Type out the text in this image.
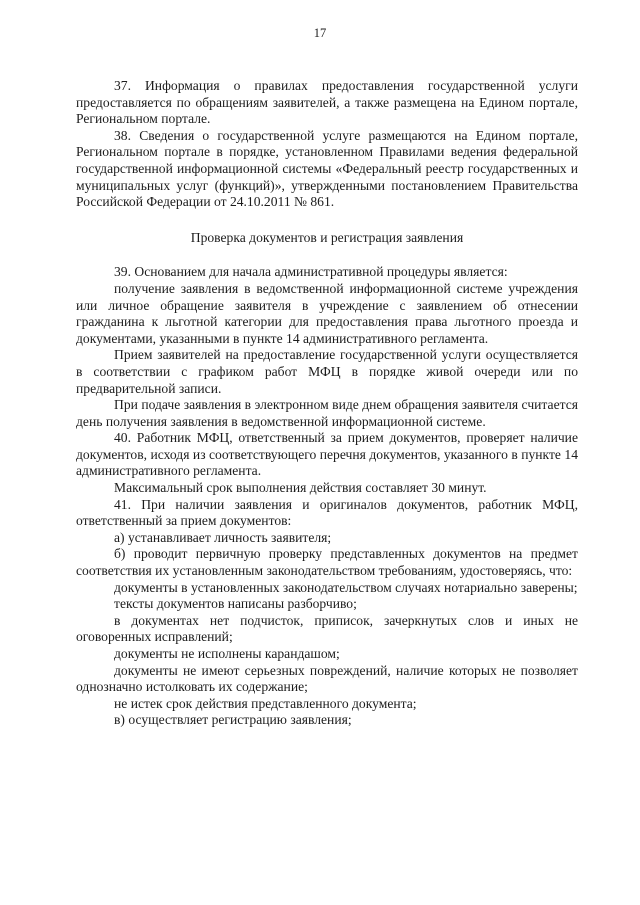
17

37. Информация о правилах предоставления государственной услуги предоставляется по обращениям заявителей, а также размещена на Едином портале, Региональном портале.

38. Сведения о государственной услуге размещаются на Едином портале, Региональном портале в порядке, установленном Правилами ведения федеральной государственной информационной системы «Федеральный реестр государственных и муниципальных услуг (функций)», утвержденными постановлением Правительства Российской Федерации от 24.10.2011 № 861.

Проверка документов и регистрация заявления

39. Основанием для начала административной процедуры является:

получение заявления в ведомственной информационной системе учреждения или личное обращение заявителя в учреждение с заявлением об отнесении гражданина к льготной категории для предоставления права льготного проезда и документами, указанными в пункте 14 административного регламента.

Прием заявителей на предоставление государственной услуги осуществляется в соответствии с графиком работ МФЦ в порядке живой очереди или по предварительной записи.

При подаче заявления в электронном виде днем обращения заявителя считается день получения заявления в ведомственной информационной системе.

40. Работник МФЦ, ответственный за прием документов, проверяет наличие документов, исходя из соответствующего перечня документов, указанного в пункте 14 административного регламента.

Максимальный срок выполнения действия составляет 30 минут.

41. При наличии заявления и оригиналов документов, работник МФЦ, ответственный за прием документов:

а) устанавливает личность заявителя;

б) проводит первичную проверку представленных документов на предмет соответствия их установленным законодательством требованиям, удостоверяясь, что:

документы в установленных законодательством случаях нотариально заверены;

тексты документов написаны разборчиво;

в документах нет подчисток, приписок, зачеркнутых слов и иных не оговоренных исправлений;

документы не исполнены карандашом;

документы не имеют серьезных повреждений, наличие которых не позволяет однозначно истолковать их содержание;

не истек срок действия представленного документа;

в) осуществляет регистрацию заявления;
